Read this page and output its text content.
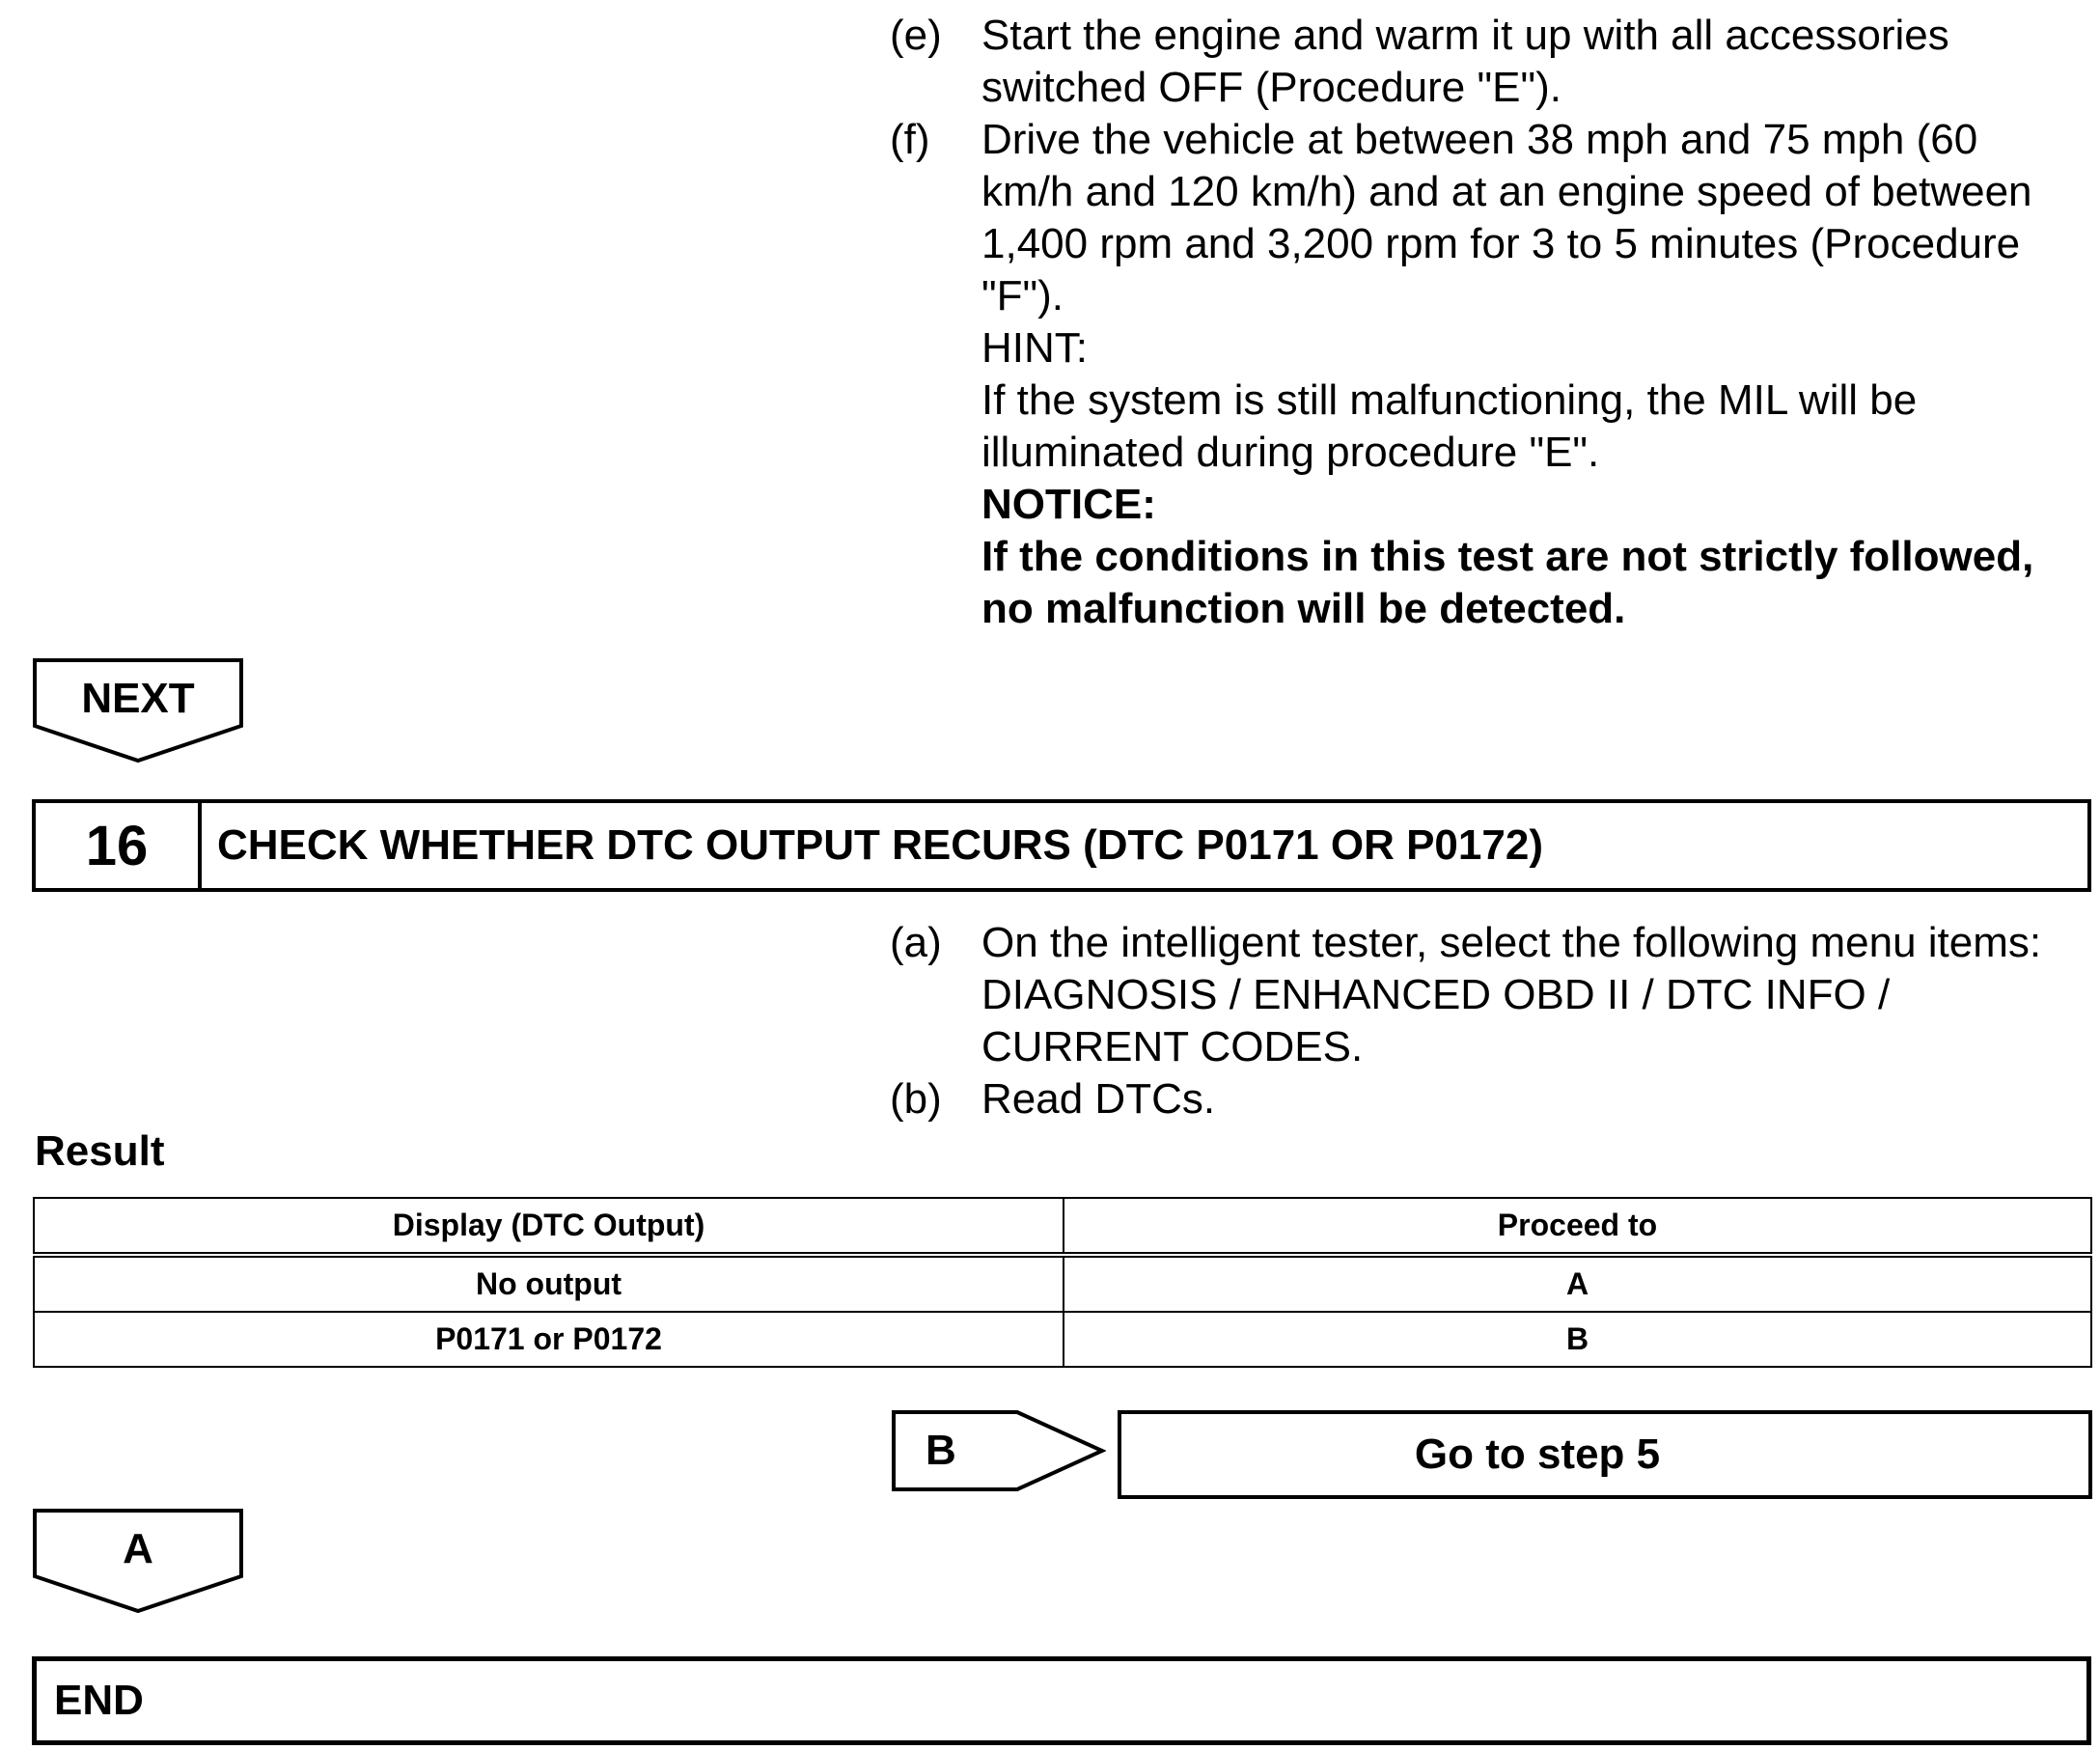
(e) Start the engine and warm it up with all accessories
switched OFF (Procedure "E").
(f)	Drive the vehicle at between 38 mph and 75 mph (60
km/h and 120 km/h) and at an engine speed of between
1,400 rpm and 3,200 rpm for 3 to 5 minutes (Procedure
"F").
HINT:
If the system is still malfunctioning, the MIL will be
illuminated during procedure "E".
NOTICE:
If the conditions in this test are not strictly followed,
no malfunction will be detected.
NEXT
16	CHECK WHETHER DTC OUTPUT RECURS (DTC P0171 OR P0172)
(a) On the intelligent tester, select the following menu items:
DIAGNOSIS / ENHANCED OBD II / DTC INFO /
CURRENT CODES.
(b) Read DTCs.
Result
Display (DTC Output)	Proceed to
No output	A
P0171 or P0172	B
B	Go to step 5
A
END
